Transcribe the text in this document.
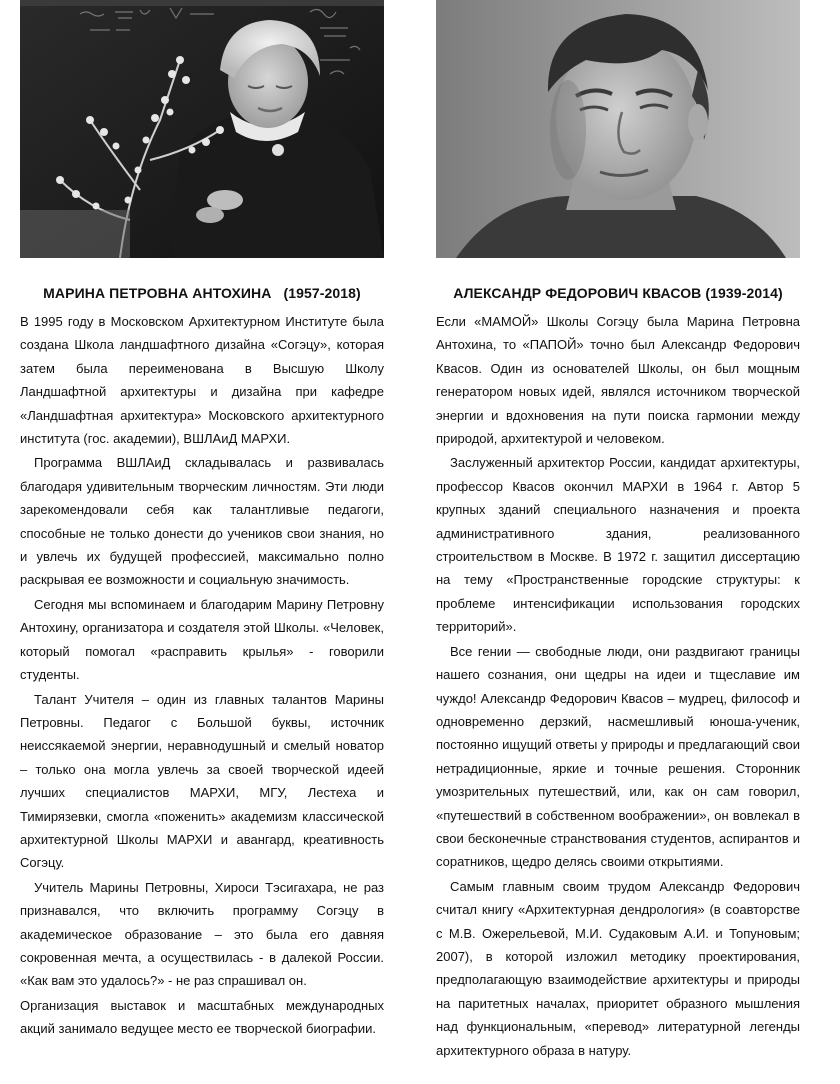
МАРИНА ПЕТРОВНА АНТОХИНА   (1957-2018)

В 1995 году в Московском Архитектурном Институте была создана Школа ландшафтного дизайна «Согэцу», которая затем была переименована в Высшую Школу Ландшафтной архитектуры и дизайна при кафедре «Ландшафтная архитектура» Московского архитектурного института (гос. академии), ВШЛАиД МАРХИ.

Программа ВШЛАиД складывалась и развивалась благодаря удивительным творческим личностям. Эти люди зарекомендовали себя как талантливые педагоги, способные не только донести до учеников свои знания, но и увлечь их будущей профессией, максимально полно раскрывая ее возможности и социальную значимость.

Сегодня мы вспоминаем и благодарим Марину Петровну Антохину, организатора и создателя этой Школы. «Человек, который помогал «расправить крылья» - говорили студенты.

Талант Учителя – один из главных талантов Марины Петровны. Педагог с Большой буквы, источник неиссякаемой энергии, неравнодушный и смелый новатор – только она могла увлечь за своей творческой идеей лучших специалистов МАРХИ, МГУ, Лестеха и Тимирязевки, смогла «поженить» академизм классической архитектурной Школы МАРХИ и авангард, креативность Согэцу.

Учитель Марины Петровны, Хироси Тэсигахара, не раз признавался, что включить программу Согэцу в академическое образование – это была его давняя сокровенная мечта, а осуществилась - в далекой России. «Как вам это удалось?» - не раз спрашивал он.

Организация выставок и масштабных международных акций занимало ведущее место ее творческой биографии.

АЛЕКСАНДР ФЕДОРОВИЧ КВАСОВ (1939-2014)

Если «МАМОЙ» Школы Согэцу была Марина Петровна Антохина, то «ПАПОЙ» точно был Александр Федорович Квасов. Один из основателей Школы, он был мощным генератором новых идей, являлся источником творческой энергии и вдохновения на пути поиска гармонии между природой, архитектурой и человеком.

Заслуженный архитектор России, кандидат архитектуры, профессор Квасов окончил МАРХИ в 1964 г. Автор 5 крупных зданий специального назначения и проекта административного здания, реализованного строительством в Москве. В 1972 г. защитил диссертацию на тему «Пространственные городские структуры: к проблеме интенсификации использования городских территорий».

Все гении — свободные люди, они раздвигают границы нашего сознания, они щедры на идеи и тщеславие им чуждо! Александр Федорович Квасов – мудрец, философ и одновременно дерзкий, насмешливый юноша-ученик, постоянно ищущий ответы у природы и предлагающий свои нетрадиционные, яркие и точные решения. Сторонник умозрительных путешествий, или, как он сам говорил, «путешествий в собственном воображении», он вовлекал в свои бесконечные странствования студентов, аспирантов и соратников, щедро делясь своими открытиями.

Самым главным своим трудом Александр Федорович считал книгу «Архитектурная дендрология» (в соавторстве с М.В. Ожерельевой, М.И. Судаковым А.И. и Топуновым; 2007), в которой изложил методику проектирования, предполагающую взаимодействие архитектуры и природы на паритетных началах, приоритет образного мышления над функциональным, «перевод» литературной легенды архитектурного образа в натуру.
